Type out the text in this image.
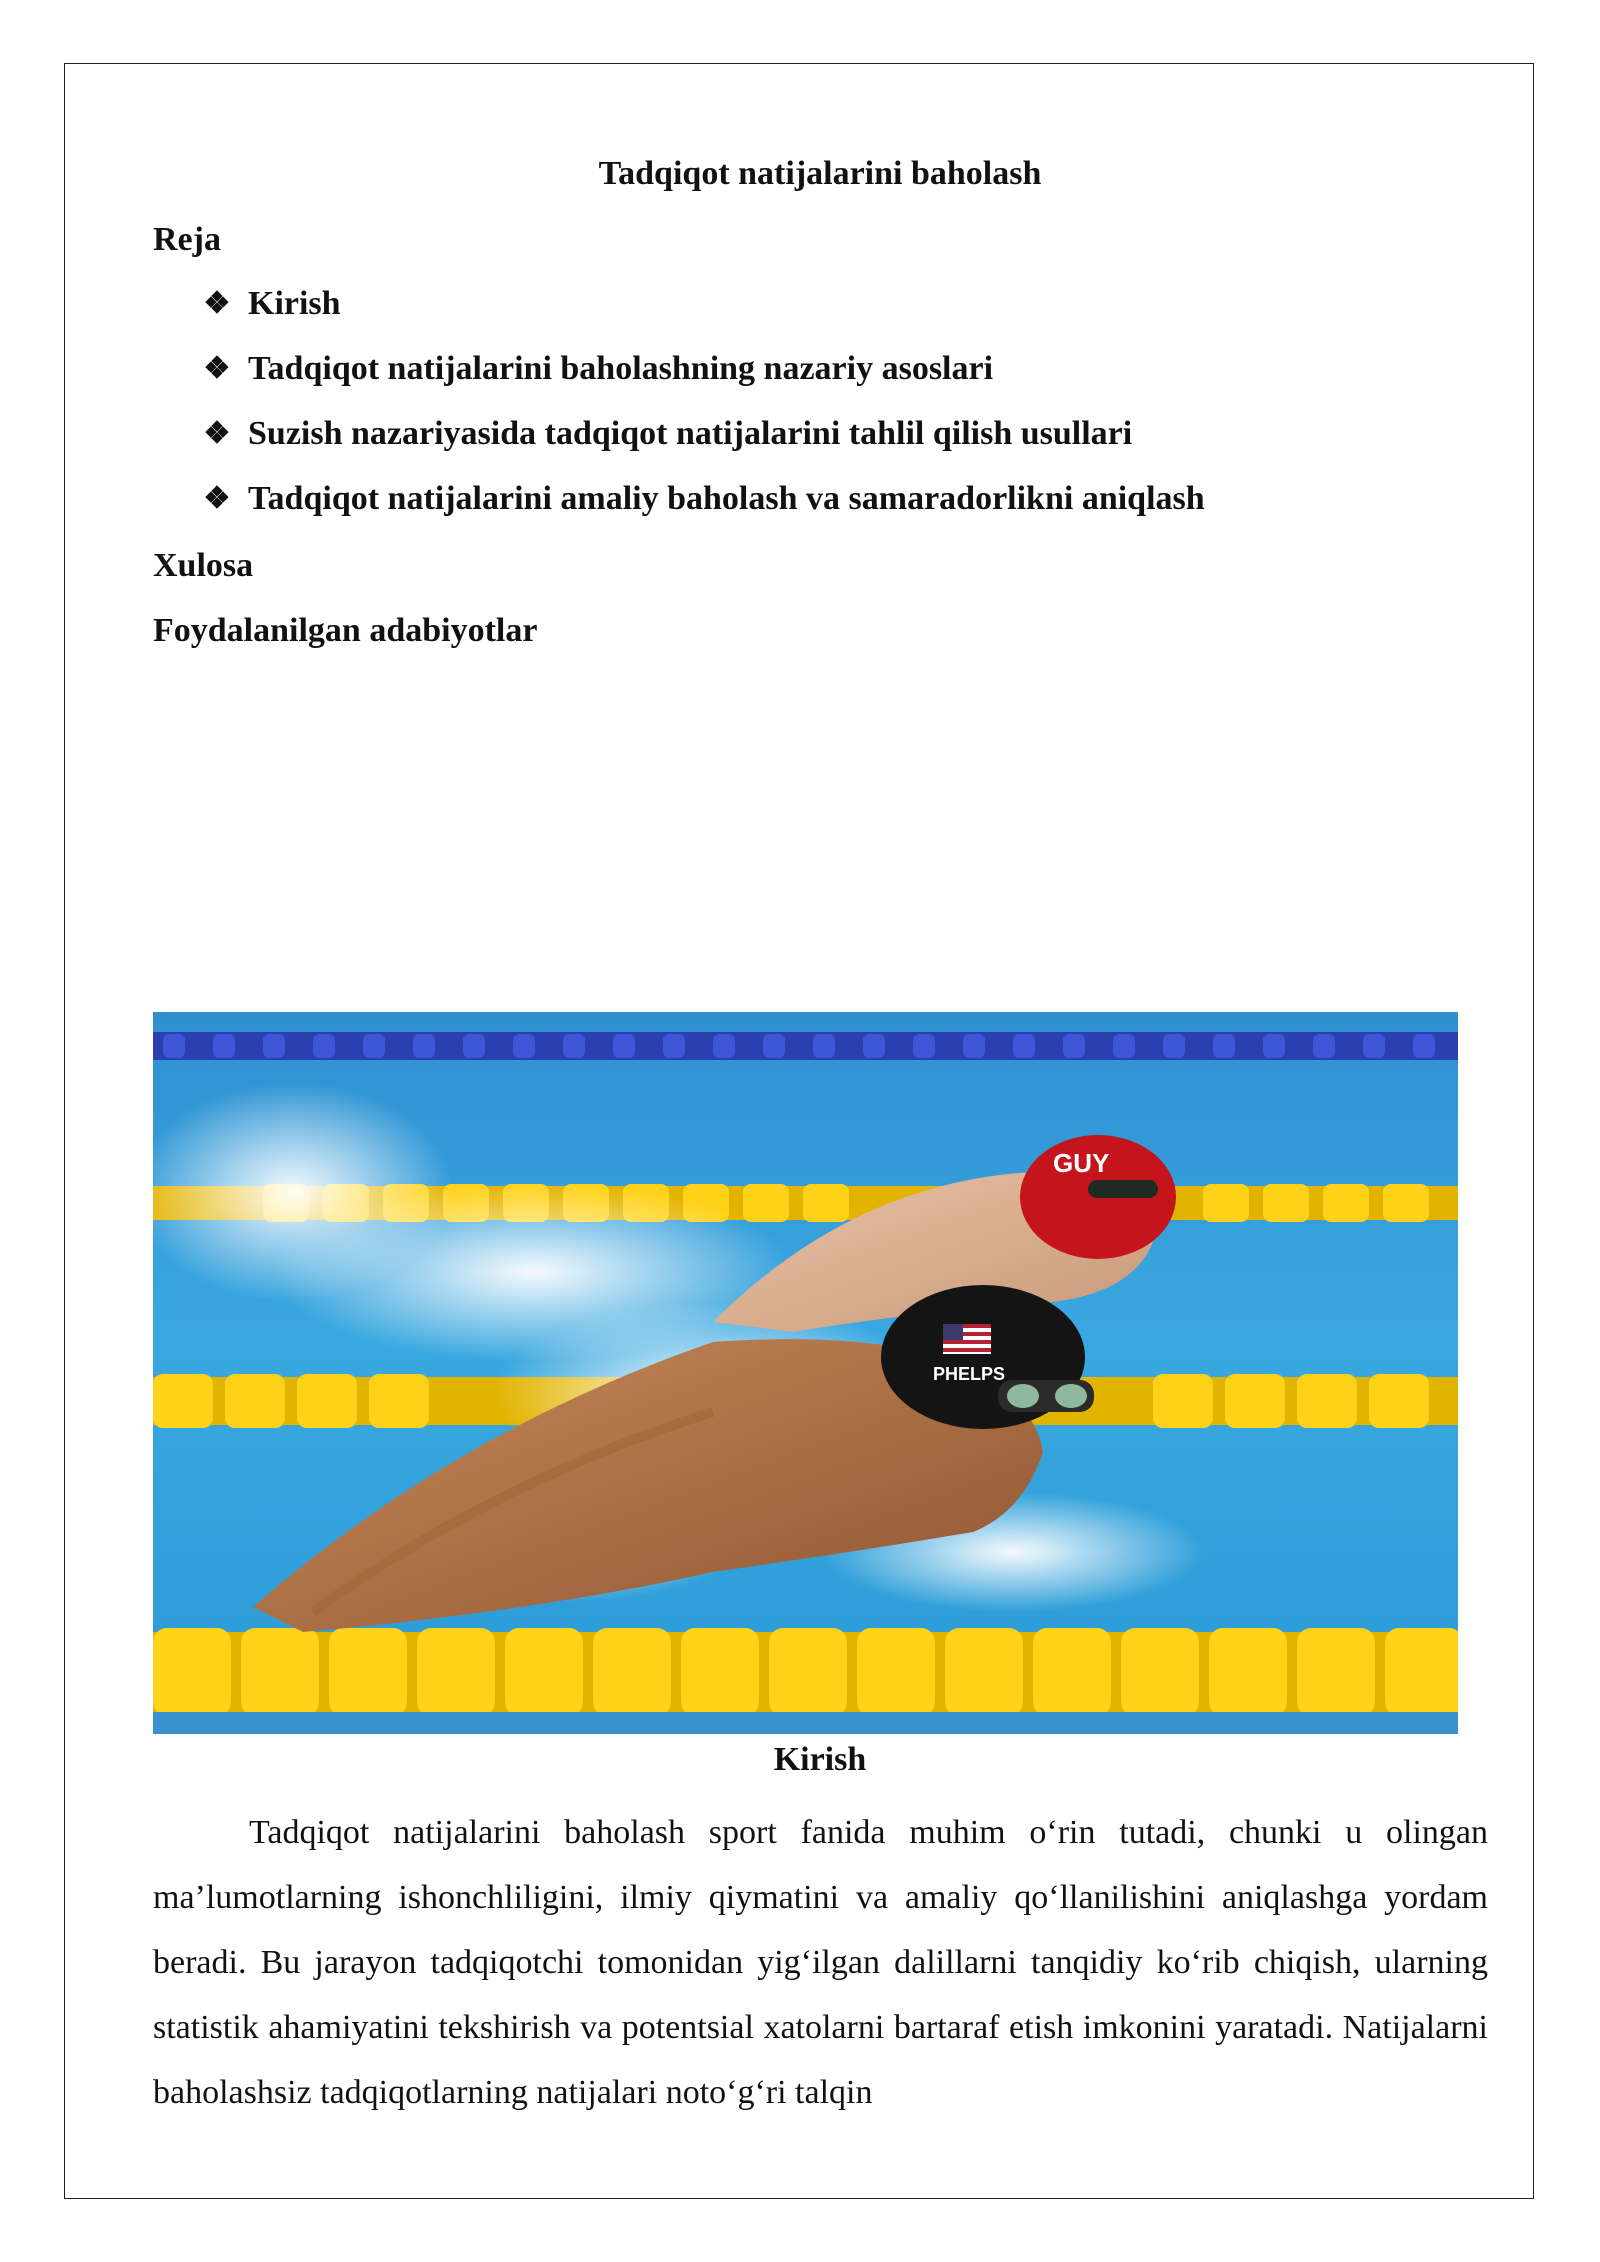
Tadqiqot natijalarini baholash
Reja
❖ Kirish
❖ Tadqiqot natijalarini baholashning nazariy asoslari
❖ Suzish nazariyasida tadqiqot natijalarini tahlil qilish usullari
❖ Tadqiqot natijalarini amaliy baholash va samaradorlikni aniqlash
Xulosa
Foydalanilgan adabiyotlar
GUY
PHELPS
Kirish

Tadqiqot natijalarini baholash sport fanida muhim o‘rin tutadi, chunki u olingan ma’lumotlarning ishonchliligini, ilmiy qiymatini va amaliy qo‘llanilishini aniqlashga yordam beradi. Bu jarayon tadqiqotchi tomonidan yig‘ilgan dalillarni tanqidiy ko‘rib chiqish, ularning statistik ahamiyatini tekshirish va potentsial xatolarni bartaraf etish imkonini yaratadi. Natijalarni baholashsiz tadqiqotlarning natijalari noto‘g‘ri talqin
